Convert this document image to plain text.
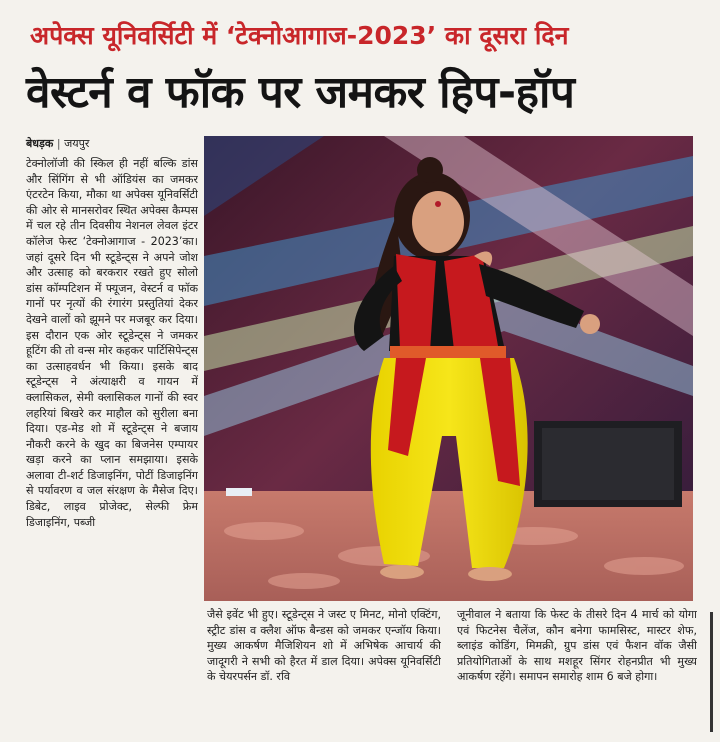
अपेक्स यूनिवर्सिटी में ‘टेक्नोआगाज-2023’ का दूसरा दिन
वेस्टर्न व फॉक पर जमकर हिप-हॉप
बेधड़क | जयपुर

टेक्नोलॉजी की स्किल ही नहीं बल्कि डांस और सिंगिंग से भी ऑडियंस का जमकर एंटरटेन किया, मौका था अपेक्स यूनिवर्सिटी की ओर से मानसरोवर स्थित अपेक्स कैम्पस में चल रहे तीन दिवसीय नेशनल लेवल इंटर कॉलेज फेस्ट ‘टेक्नोआगाज - 2023’का। जहां दूसरे दिन भी स्टूडेन्ट्स ने अपने जोश और उत्साह को बरकरार रखते हुए सोलो डांस कॉम्पटिशन में फ्यूजन, वेस्टर्न व फॉक गानों पर नृत्यों की रंगारंग प्रस्तुतियां देकर देखने वालों को झूमने पर मजबूर कर दिया। इस दौरान एक ओर स्टूडेन्ट्स ने जमकर हूटिंग की तो वन्स मोर कहकर पार्टिसिपेन्ट्स का उत्साहवर्धन भी किया। इसके बाद स्टूडेन्ट्स ने अंत्याक्षरी व गायन में क्लासिकल, सेमी क्लासिकल गानों की स्वर लहरियां बिखरे कर माहौल को सुरीला बना दिया। एड-मेड शो में स्टूडेन्ट्स ने बजाय नौकरी करने के खुद का बिजनेस एम्पायर खड़ा करने का प्लान समझाया। इसके अलावा टी-शर्ट डिजाइनिंग, पोटीं डिजाइनिंग से पर्यावरण व जल संरक्षण के मैसेज दिए। डिबेट, लाइव प्रोजेक्ट, सेल्फी फ्रेम डिजाइनिंग, पब्जी

जैसे इवेंट भी हुए। स्टूडेन्ट्स ने जस्ट ए मिनट, मोनो एक्टिंग, स्ट्रीट डांस व क्लैश ऑफ बैन्डस को जमकर एन्जॉय किया। मुख्य आकर्षण मैजिशियन शो में अभिषेक आचार्य की जादूगरी ने सभी को हैरत में डाल दिया। अपेक्स यूनिवर्सिटी के चेयरपर्सन डॉ. रवि

जूनीवाल ने बताया कि फेस्ट के तीसरे दिन 4 मार्च को योगा एवं फिटनेस चैलेंज, कौन बनेगा फामसिस्ट, मास्टर शेफ, ब्लाइंड कोडिंग, मिमक्री, ग्रुप डांस एवं फैशन वॉक जैसी प्रतियोगिताओं के साथ मशहूर सिंगर रोहनप्रीत भी मुख्य आकर्षण रहेंगे। समापन समारोह शाम 6 बजे होगा।
